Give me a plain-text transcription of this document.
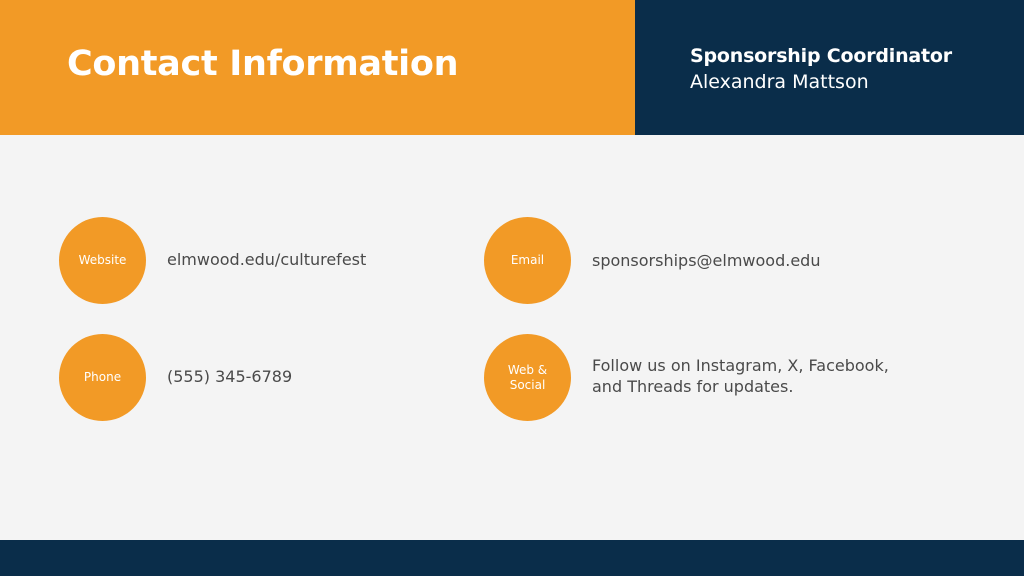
Contact Information	Sponsorship Coordinator
Alexandra Mattson
Website	elmwood.edu/culturefest	Email	sponsorships@elmwood.edu
Phone	(555) 345-6789	Web &
Social
Follow us on Instagram, X, Facebook,
and Threads for updates.
